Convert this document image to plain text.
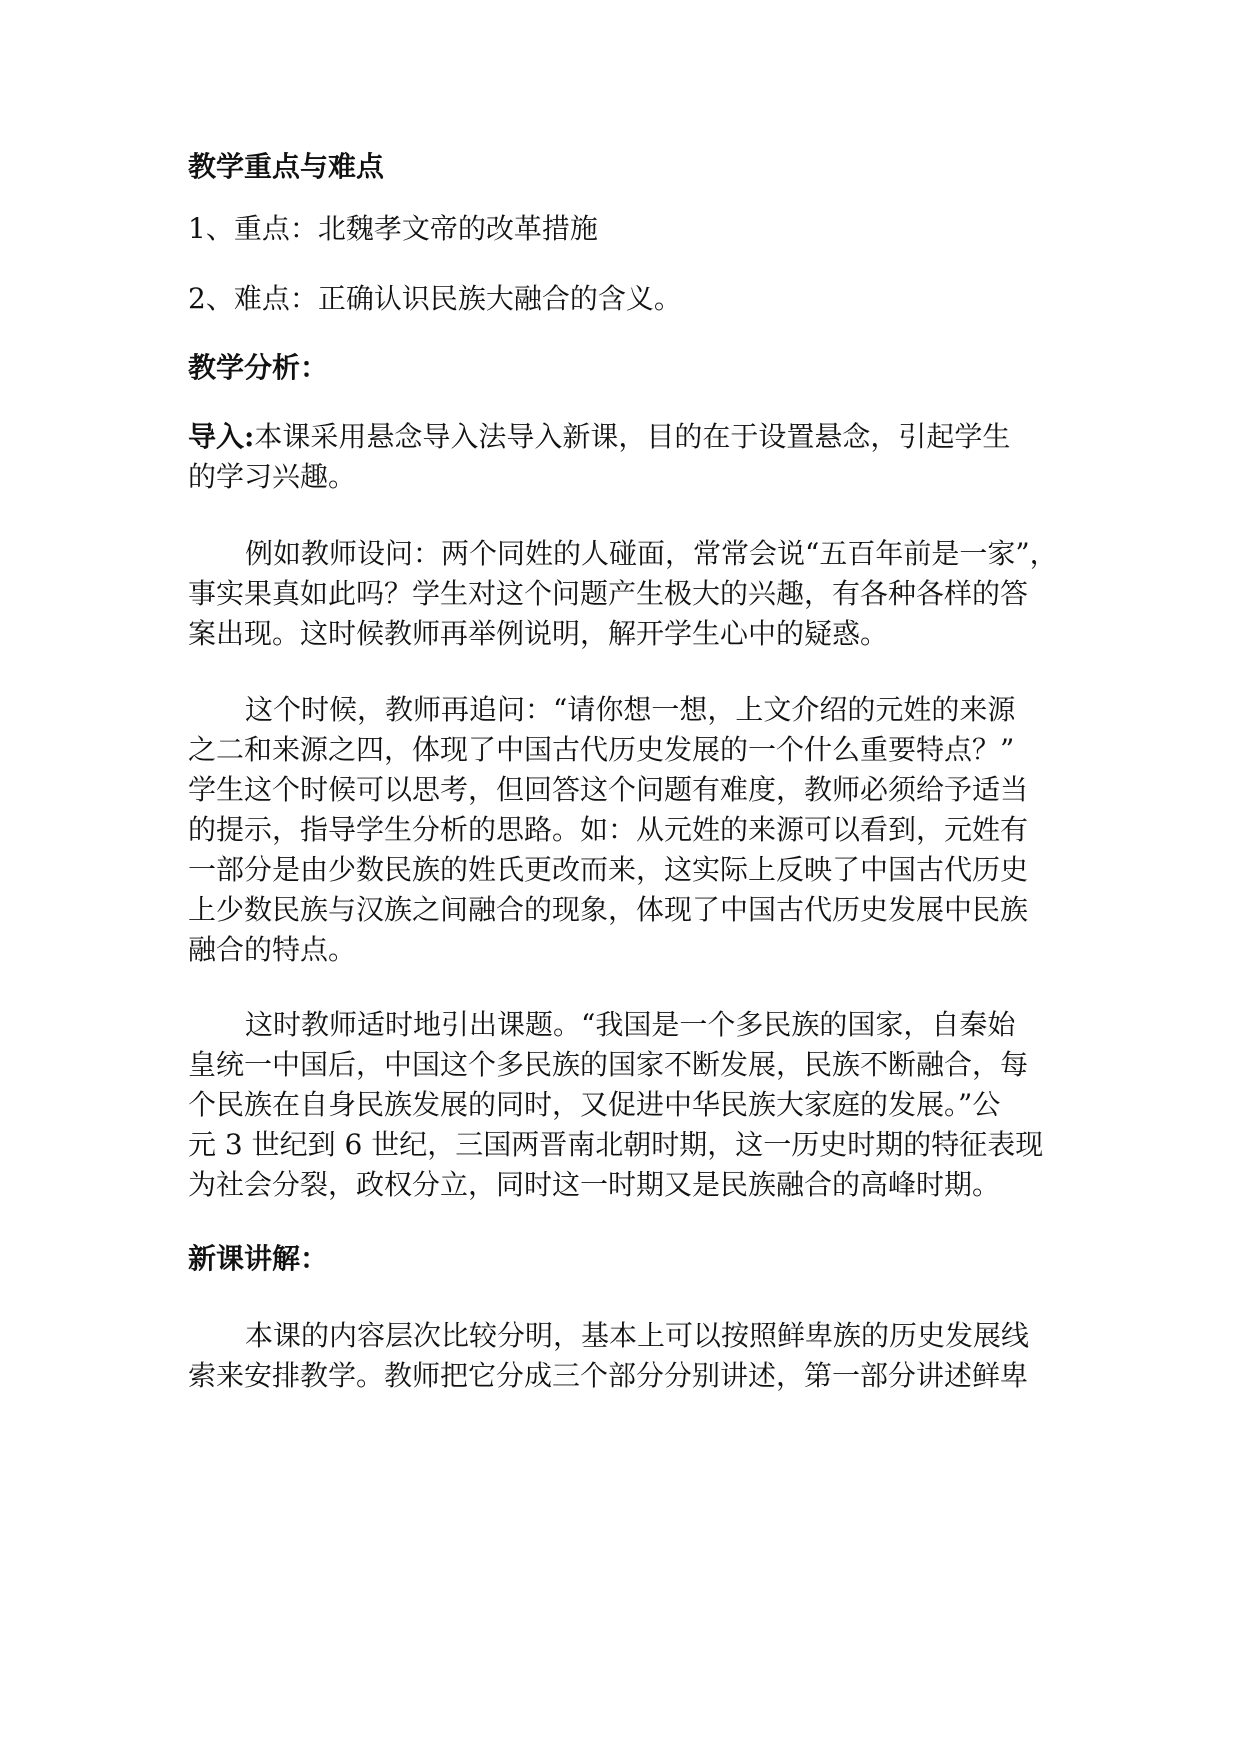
教学重点与难点

1、重点：北魏孝文帝的改革措施

2、难点：正确认识民族大融合的含义。

教学分析：

导入:本课采用悬念导入法导入新课，目的在于设置悬念，引起学生

的学习兴趣。

例如教师设问：两个同姓的人碰面，常常会说“五百年前是一家”，

事实果真如此吗？学生对这个问题产生极大的兴趣，有各种各样的答

案出现。这时候教师再举例说明，解开学生心中的疑惑。

这个时候，教师再追问：“请你想一想，上文介绍的元姓的来源

之二和来源之四，体现了中国古代历史发展的一个什么重要特点？”

学生这个时候可以思考，但回答这个问题有难度，教师必须给予适当

的提示，指导学生分析的思路。如：从元姓的来源可以看到，元姓有

一部分是由少数民族的姓氏更改而来，这实际上反映了中国古代历史

上少数民族与汉族之间融合的现象，体现了中国古代历史发展中民族

融合的特点。

这时教师适时地引出课题。“我国是一个多民族的国家，自秦始

皇统一中国后，中国这个多民族的国家不断发展，民族不断融合，每

个民族在自身民族发展的同时，又促进中华民族大家庭的发展。”公

元 3 世纪到 6 世纪，三国两晋南北朝时期，这一历史时期的特征表现

为社会分裂，政权分立，同时这一时期又是民族融合的高峰时期。

新课讲解：

本课的内容层次比较分明，基本上可以按照鲜卑族的历史发展线

索来安排教学。教师把它分成三个部分分别讲述，第一部分讲述鲜卑
